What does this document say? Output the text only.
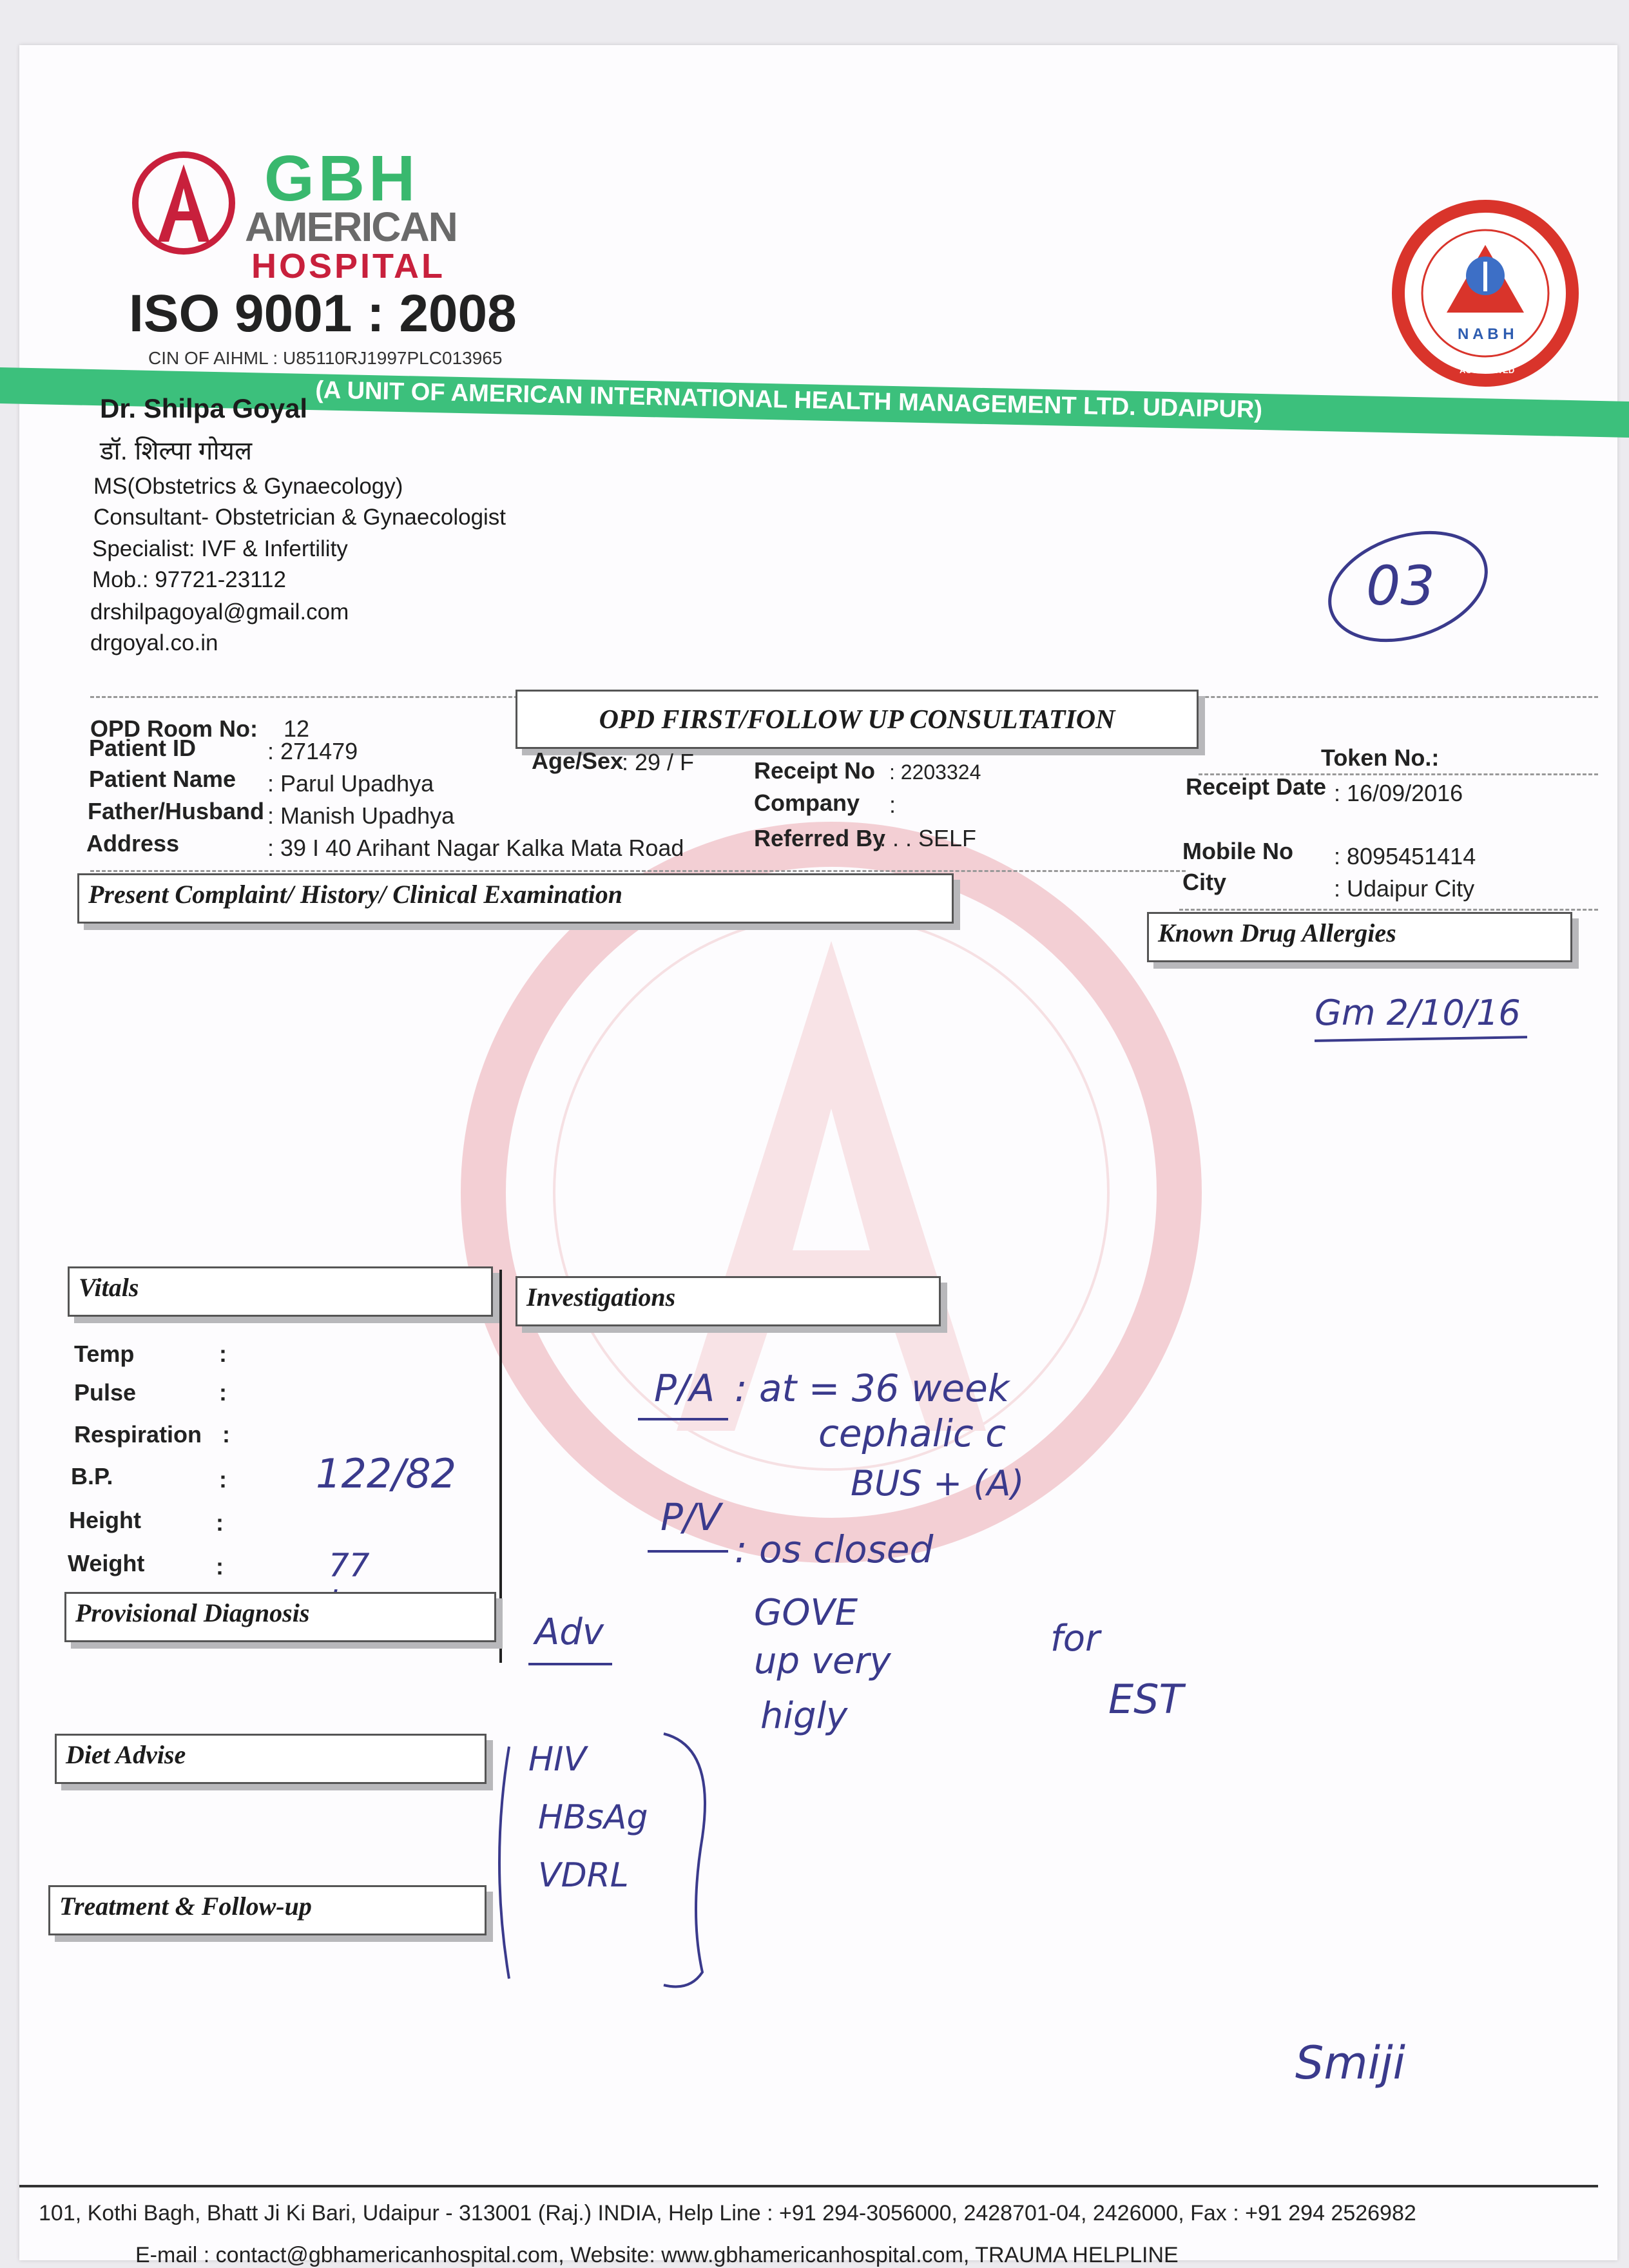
GBH
AMERICAN
HOSPITAL
ISO 9001 : 2008
CIN OF AIHML : U85110RJ1997PLC013965
N A B H
ACCREDITED
(A UNIT OF AMERICAN INTERNATIONAL HEALTH MANAGEMENT LTD. UDAIPUR)
Dr. Shilpa Goyal
डॉ. शिल्पा गोयल
MS(Obstetrics & Gynaecology)
Consultant- Obstetrician & Gynaecologist
Specialist: IVF & Infertility
Mob.: 97721-23112
drshilpagoyal@gmail.com
drgoyal.co.in
03
OPD Room No: 12	OPD FIRST/FOLLOW UP CONSULTATION
Token No.:
Patient ID	: 271479
Patient Name : Parul Upadhya
Father/Husband : Manish Upadhya
Address	: 39 I 40 Arihant Nagar Kalka Mata Road
Age/Sex
: 29 / F	Receipt No : 2203324
Company :
Referred By
: . . SELF
Receipt Date : 16/09/2016
Mobile No : 8095451414
City	: Udaipur City
Present Complaint/ History/ Clinical Examination
Known Drug Allergies
Gm 2/10/16
Vitals	Investigations
Temp	:
Pulse	:
Respiration :
B.P.	: 122/82
Height	:
Weight	:	77
Provisional Diagnosis
Diet Advise
Treatment & Follow-up
P/A : at = 36 week
cephalic c
BUS + (A)
P/V
: os closed
GOVE
up very
higly
Adv
HIV
HBsAg
VDRL
for
EST
Smiji
101, Kothi Bagh, Bhatt Ji Ki Bari, Udaipur - 313001 (Raj.) INDIA, Help Line : +91 294-3056000, 2428701-04, 2426000, Fax : +91 294 2526982
E-mail : contact@gbhamericanhospital.com, Website: www.gbhamericanhospital.com, TRAUMA HELPLINE
